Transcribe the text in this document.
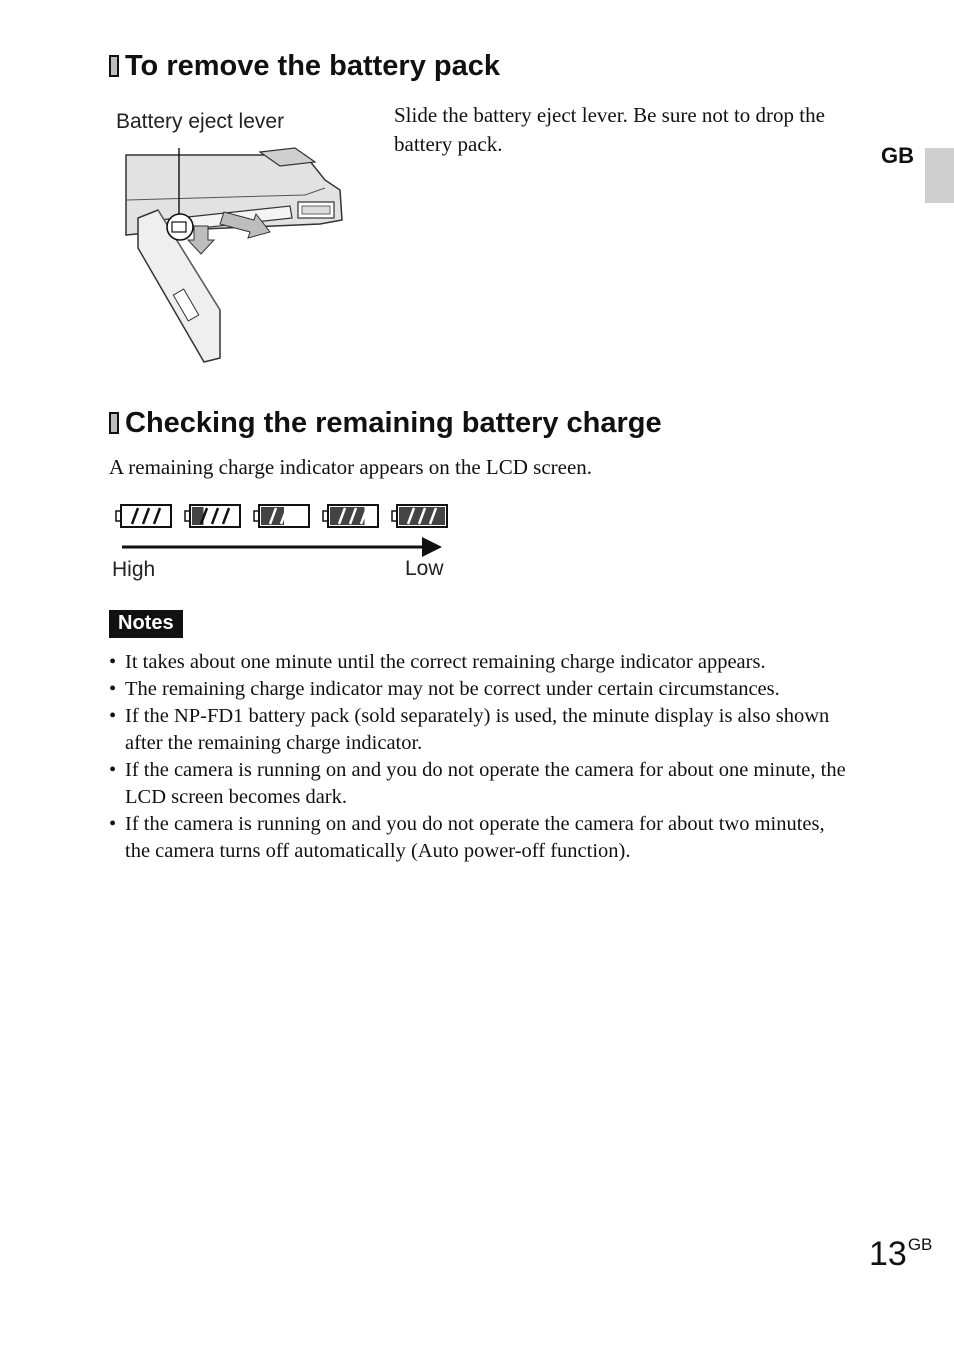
To remove the battery pack
Battery eject lever	Slide the battery eject lever. Be sure not to drop the battery pack.	GB
Checking the remaining battery charge
A remaining charge indicator appears on the LCD screen.
High	Low
Notes
• It takes about one minute until the correct remaining charge indicator appears.
• The remaining charge indicator may not be correct under certain circumstances.
• If the NP-FD1 battery pack (sold separately) is used, the minute display is also shown after the remaining charge indicator.
• If the camera is running on and you do not operate the camera for about one minute, the LCD screen becomes dark.
• If the camera is running on and you do not operate the camera for about two minutes, the camera turns off automatically (Auto power-off function).
$13^{GB}$
